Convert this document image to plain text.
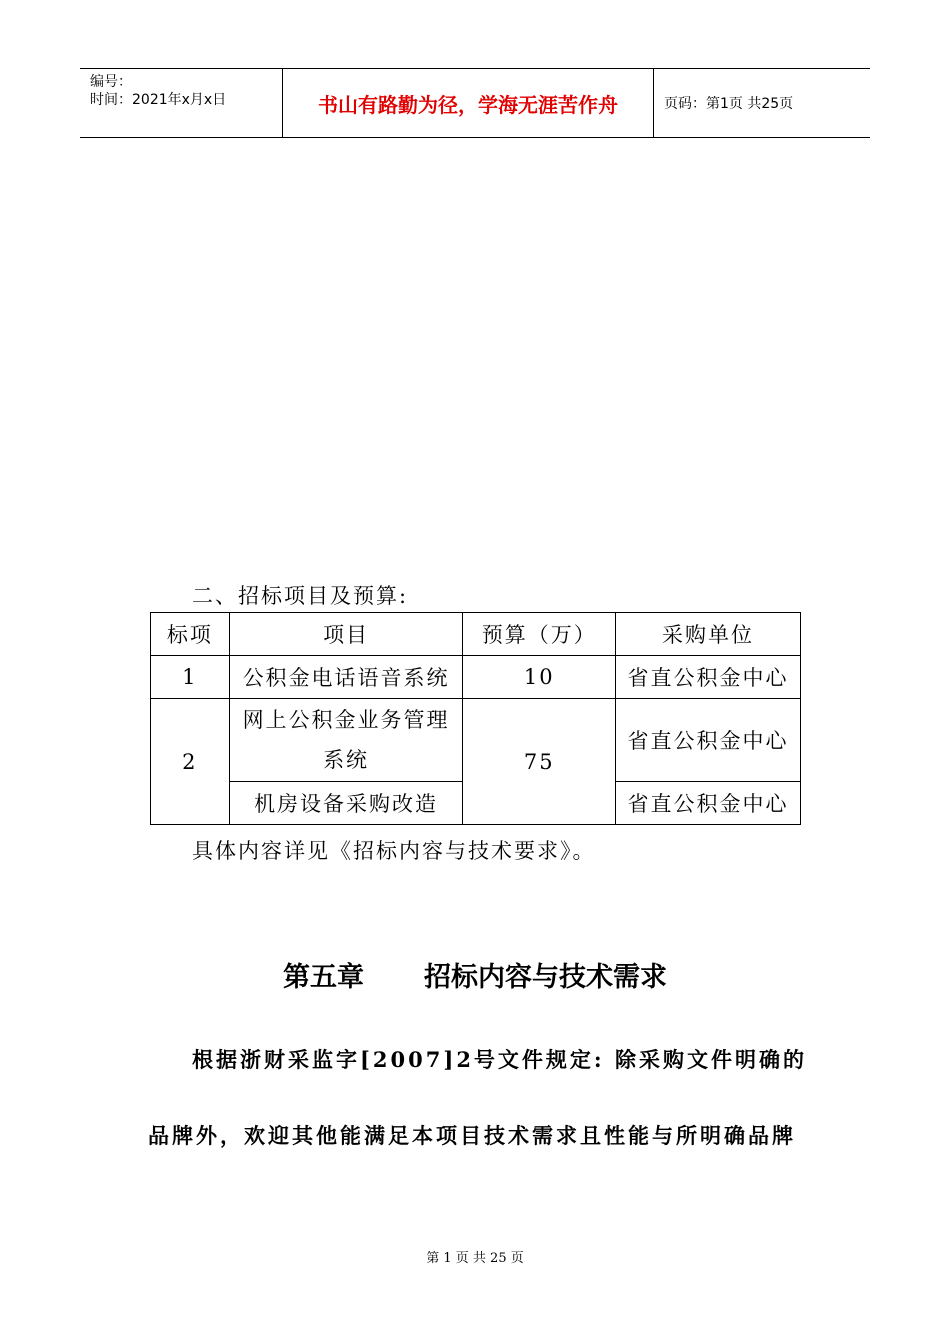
编号：
时间：2021年x月x日	书山有路勤为径，学海无涯苦作舟	页码：第1页 共25页
二、招标项目及预算:
标项	项目	预算（万）	采购单位
1	公积金电话语音系统	10	省直公积金中心
2	网上公积金业务管理系统	75	省直公积金中心
	机房设备采购改造		省直公积金中心
具体内容详见《招标内容与技术要求》。
第五章 招标内容与技术需求
根据浙财采监字[2007]2号文件规定: 除采购文件明确的
品牌外，欢迎其他能满足本项目技术需求且性能与所明确品牌
第 1 页 共 25 页
